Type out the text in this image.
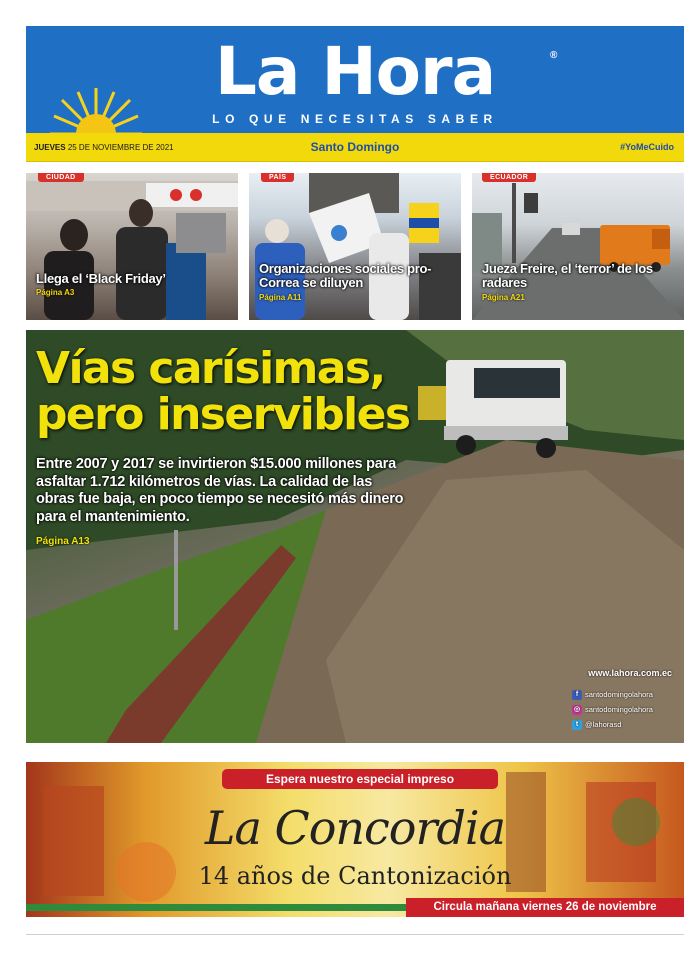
La Hora	®
LO QUE NECESITAS SABER
JUEVES 25 DE NOVIEMBRE DE 2021	Santo Domingo	#YoMeCuido
CIUDAD
Llega el ‘Black Friday’
Página A3
PAÍS
Organizaciones sociales pro-Correa se diluyen
Página A11
ECUADOR
Jueza Freire, el ‘terror’ de los radares
Página A21
Vías carísimas,
pero inservibles
Entre 2007 y 2017 se invirtieron $15.000 millones para asfaltar 1.712 kilómetros de vías. La calidad de las obras fue baja, en poco tiempo se necesitó más dinero para el mantenimiento.
Página A13
www.lahora.com.ec
f santodomingolahora
◎ santodomingolahora
t @lahorasd
Espera nuestro especial impreso
La Concordia
14 años de Cantonización
Circula mañana viernes 26 de noviembre
